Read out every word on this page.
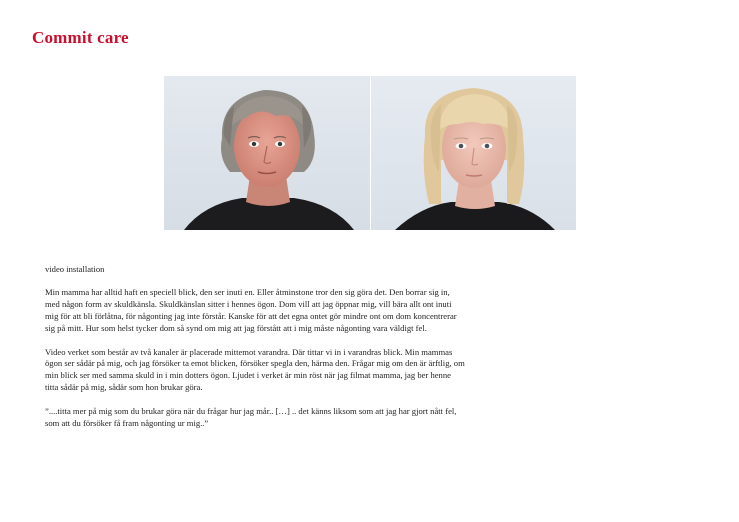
Commit care

video installation

Min mamma har alltid haft en speciell blick, den ser inuti en. Eller åtminstone tror den sig göra det. Den borrar sig in, med någon form av skuldkänsla. Skuldkänslan sitter i hennes ögon. Dom vill att jag öppnar mig, vill bära allt ont inuti mig för att bli förlåtna, för någonting jag inte förstår. Kanske för att det egna ontet gör mindre ont om dom koncentrerar sig på mitt. Hur som helst tycker dom så synd om mig att jag förstått att i mig måste någonting vara väldigt fel.

Video verket som består av två kanaler är placerade mittemot varandra. Där tittar vi in i varandras blick. Min mammas ögon ser sådär på mig, och jag försöker ta emot blicken, försöker spegla den, härma den. Frågar mig om den är ärftlig, om min blick ser med samma skuld in i min dotters ögon. Ljudet i verket är min röst när jag filmat mamma, jag ber henne titta sådär på mig, sådär som hon brukar göra.

”....titta mer på mig som du brukar göra när du frågar hur jag mår.. […] .. det känns liksom som att jag har gjort nått fel, som att du försöker få fram någonting ur mig..”
